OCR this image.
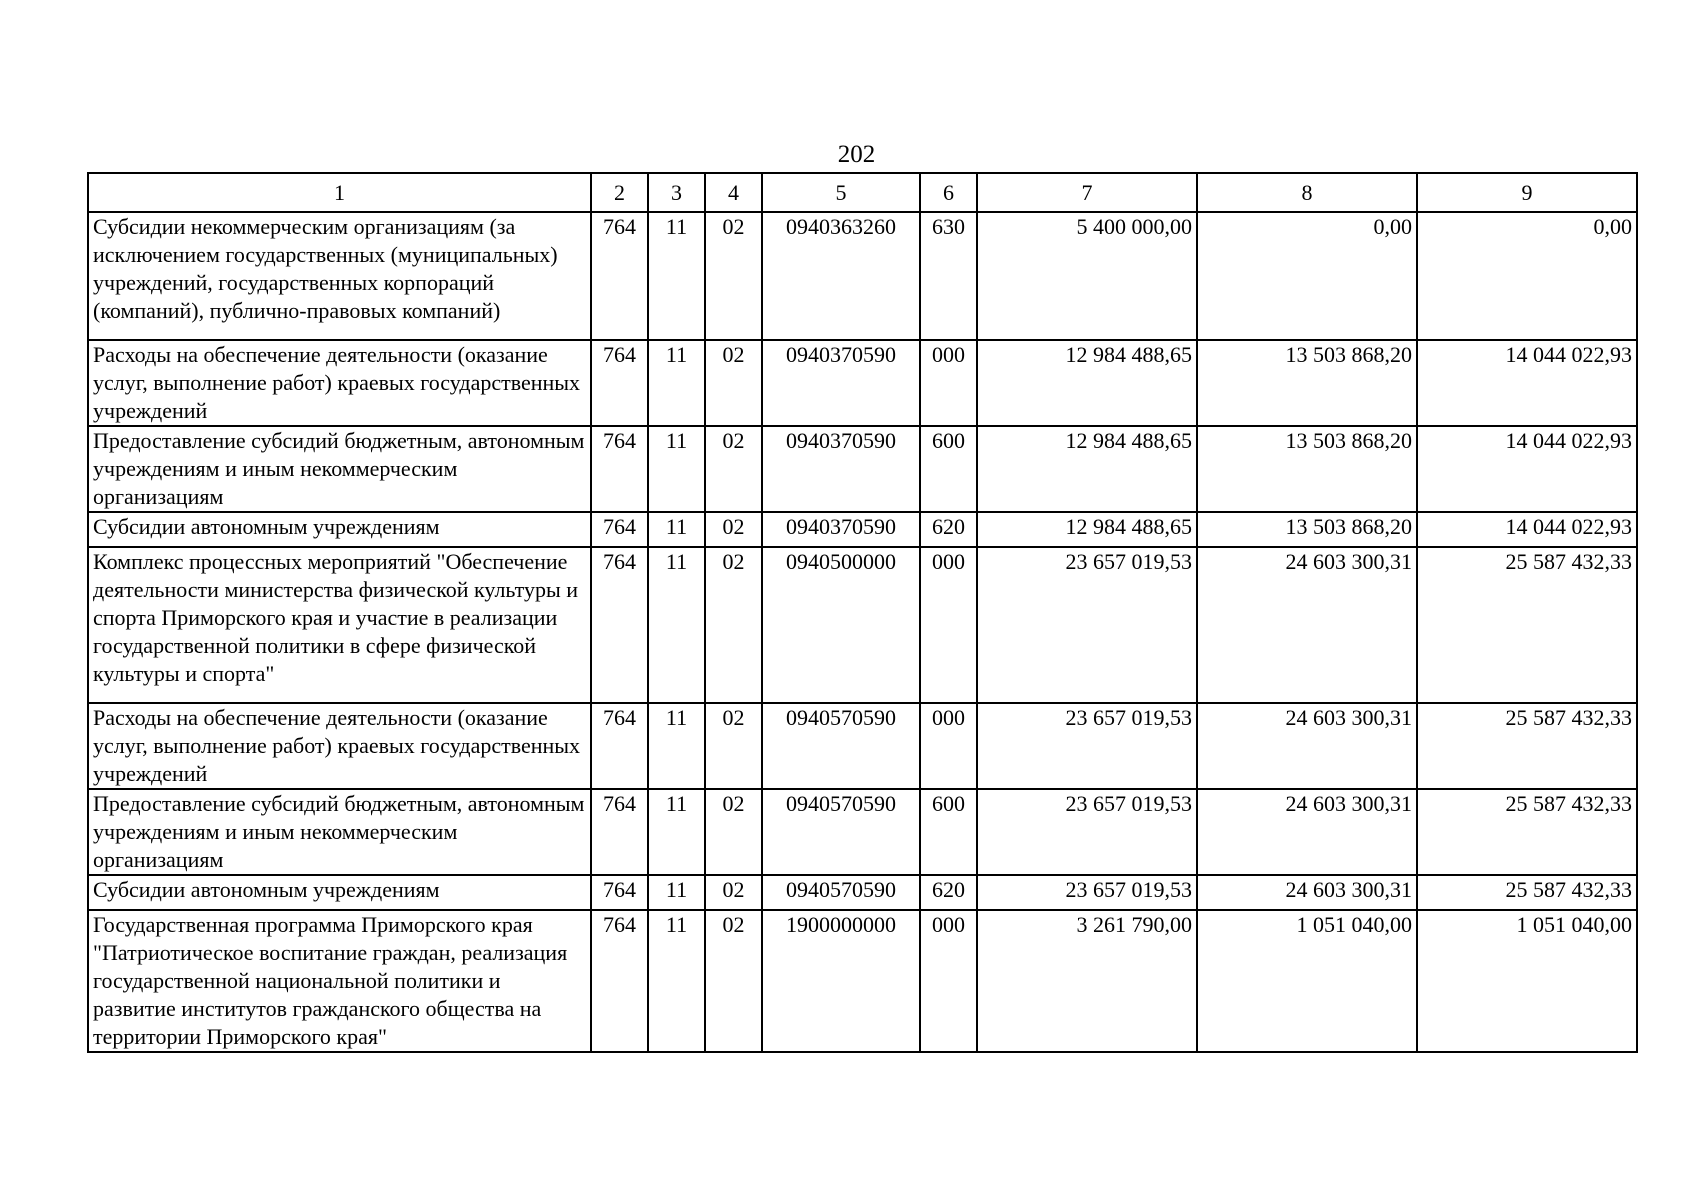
202
1	2	3	4	5	6	7	8	9
Субсидии некоммерческим организациям (за исключением государственных (муниципальных) учреждений, государственных корпораций (компаний), публично-правовых компаний)	764	11	02	0940363260	630	5 400 000,00	0,00	0,00
Расходы на обеспечение деятельности (оказание услуг, выполнение работ) краевых государственных учреждений	764	11	02	0940370590	000	12 984 488,65	13 503 868,20	14 044 022,93
Предоставление субсидий бюджетным, автономным учреждениям и иным некоммерческим организациям	764	11	02	0940370590	600	12 984 488,65	13 503 868,20	14 044 022,93
Субсидии автономным учреждениям	764	11	02	0940370590	620	12 984 488,65	13 503 868,20	14 044 022,93
Комплекс процессных мероприятий "Обеспечение деятельности министерства физической культуры и спорта Приморского края и участие в реализации государственной политики в сфере физической культуры и спорта"	764	11	02	0940500000	000	23 657 019,53	24 603 300,31	25 587 432,33
Расходы на обеспечение деятельности (оказание услуг, выполнение работ) краевых государственных учреждений	764	11	02	0940570590	000	23 657 019,53	24 603 300,31	25 587 432,33
Предоставление субсидий бюджетным, автономным учреждениям и иным некоммерческим организациям	764	11	02	0940570590	600	23 657 019,53	24 603 300,31	25 587 432,33
Субсидии автономным учреждениям	764	11	02	0940570590	620	23 657 019,53	24 603 300,31	25 587 432,33
Государственная программа Приморского края "Патриотическое воспитание граждан, реализация государственной национальной политики и развитие институтов гражданского общества на территории Приморского края"	764	11	02	1900000000	000	3 261 790,00	1 051 040,00	1 051 040,00
